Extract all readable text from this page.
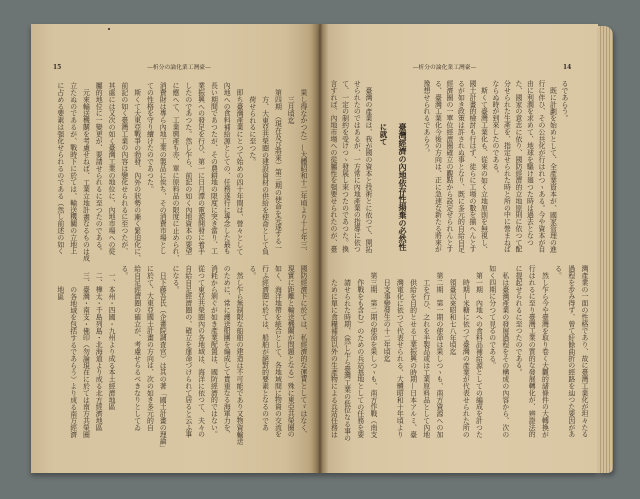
15	—析分の論化業工灣臺—
果し得なかつた）—大體昭和十二年頃より十七年三、
三月頃迄
第四期　（現在及び將來）第三期の使命を完遂する一
方、大東亞共榮圈の建設資材の供給を使命として負
荷せられるに至つた。
即ち臺灣產業にとつて始めの四十年間は、營々として
內地への食料補給源としての、任務遂行に專念した最も
長い期間であつたが、その農耕地の限度に突き當り、工
業振興への發足を行ひ、第一に日月潭の電源開發に着手
したのであつた。然し乍ら、前記の如く內地資本の要望
に應へて、工業興產も亦、單に原料品の限度に止められ、
消費財は專ら內地工業の製品に俟ち、その消費市場とし
ての性格を守り續けたのであつた。
斯くて大東亞戰爭の勃發、內外の狀勢の漸く緊迫化に、
前記の如く臺灣工業の內容は變化せられるに至つたが、
其處には又次の如く臺灣工業の地位に、內地市場への從
屬的地位に一變更が、要請せられるに至つたのである。
元來輸送機關を考慮せねば、工業立地計畫なるものは成
立たぬのであるが、戰時下に於ては、輸送機關の立地上
に占める要素は强化せられるのである（然し前述の如く
國防經濟下に於ては、私經濟的な運賃としてゞはなく、
現實に距離と輸送機關が問題となる）殊に東亞共榮圈の
如く、海洋地帶を統合として、各地域間に物資の交流を
行ふ經濟圈に於ては、船舶が絕對的要素となるのであ
る。
然し乍ら無制限な船舶の建造は不可能であり又物資輸送
のために、常に護送船團を編成して貴重なる海軍力を、
消耗から剝ぐが如き產業配置は、國防經濟的ではない。
從つて東亞共榮圈內の各地域は、海洋に依つて、夫々の
自給自足經濟圈の、確立を運命づけられて居ると云ふ事
になる。
日下藤吾氏（企畫院調査官）は其の著「國土計畫の理論」
に於て、大東亞國土計畫の方向は、次の如き多元的自
給自足經濟圈の確立が、考慮せらるべきなりとしてゐ
る。
一、本州・四國・九州より成る本土經濟地區
二、樺太・千島列島・北海道より成る北方經濟地區
三、臺灣・南支・佛印（勿論現在に於ては南方共榮圈
の各地域を包括するであらう）より成る南方經濟
地區
—析分の論化業工灣臺—	14
るであらう。
既に計劃を始めとして、全產業資本が、國家管理の進
行に伴ひ、その公共化が行はれつゝある。今や資本が自
由に利潤を求めて、地球を驅け廻つた時は過去となつ
た、國家の意志に依り、國防經濟的立地原則に依つて配
分せられた生產を、指定せられた時と所の中に營まねば
ならぬ時が到來したのである。
斯くて臺灣工業化も、從來の如く立地原則を無視し、
國土計畫的檢討も行はず、徒らに工場の數を揃へんとす
るが如き政策は許されぬ事となり、既に多元的自給自足
經濟圈の一單位經濟圈確立の觀點から設定せられんとす
る、臺灣工業化今後の方向は、正に急速な新たる將來が
豫想せられるであらう。
臺灣經濟の內地依存性揚棄の必然性
に就て
臺灣の產業は、我が國の資本と技術とに依つて、開拓
せられたのではあるが、一方常に內地產業の指導に依つ
て、一定の制約を受けつゝ發展し來つたのであつた。換
言すれば、內地市場への從屬性を强要せられたのが、臺
灣產業の一面の性格であり、故に臺灣工業化が坦々たる
過程を步み得ず、曾て紆餘曲折の經路を辿つた要因があ
る。
然し乍ら今や臺灣を取り卷く大觀的諸條件の大轉換が
行はれるに至り臺灣工業の質的な發展轉化が、辨證法的
に提起せられるに至つたのである。
私は臺灣產業の發展過程をその構成の內容から、次の
如く四期に分つて見るのである。
第一期　內地への食料品補給源としての編成を計つた
時期—米糖に依つて臺灣の產業が代表せられた所の
領臺以來昭和七八年頃迄
第二期　第一期の使命は果しつゝも、南方資源への加
工を行ひ、之れを半製品或は工業原料品として內地
供給を目的とせる工業振興の時期—日本アルミ、臺
灣電化に依つて代表せられる、大體昭和十年頃より
日支事變發生の十二年頃迄
第三期　第二期の使命を果しつゝも、南方作戰（南支
作戰をも含む）のための兵站基地としての任務を要
請せられた時期、（然し乍ら臺灣工業の低位なる事の
ために單に食糧補給以外の生產物による兵站任務は
